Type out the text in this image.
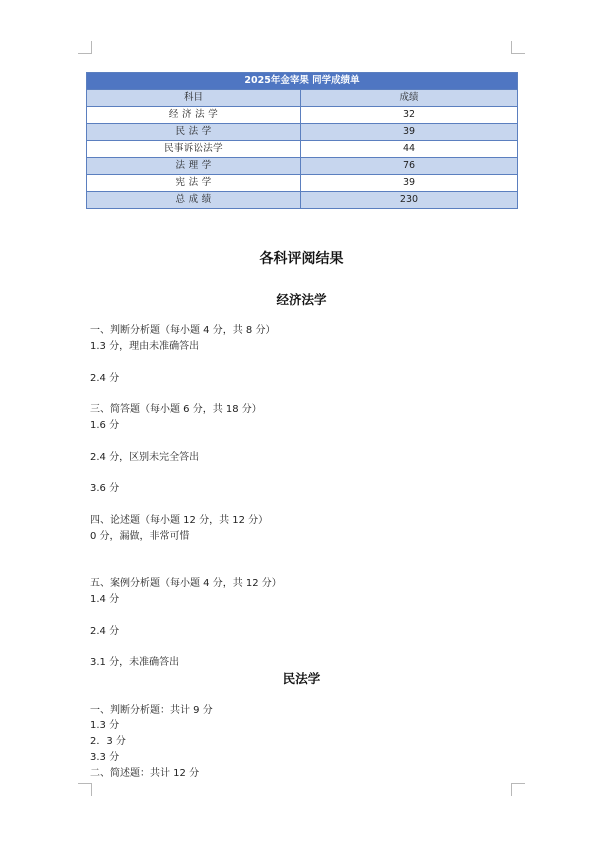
2025年金宰果 同学成绩单	
科目	成绩
经 济 法 学	32
民 法 学	39
民事诉讼法学	44
法 理 学	76
宪 法 学	39
总 成 绩	230
各科评阅结果
经济法学
一、判断分析题（每小题 4 分，共 8 分）
1.3 分，理由未准确答出
2.4 分
三、简答题（每小题 6 分，共 18 分）
1.6 分
2.4 分，区别未完全答出
3.6 分
四、论述题（每小题 12 分，共 12 分）
0 分，漏做，非常可惜
五、案例分析题（每小题 4 分，共 12 分）
1.4 分
2.4 分
3.1 分，未准确答出
民法学
一、判断分析题：共计 9 分
1.3 分
2．3 分
3.3 分
二、简述题：共计 12 分
